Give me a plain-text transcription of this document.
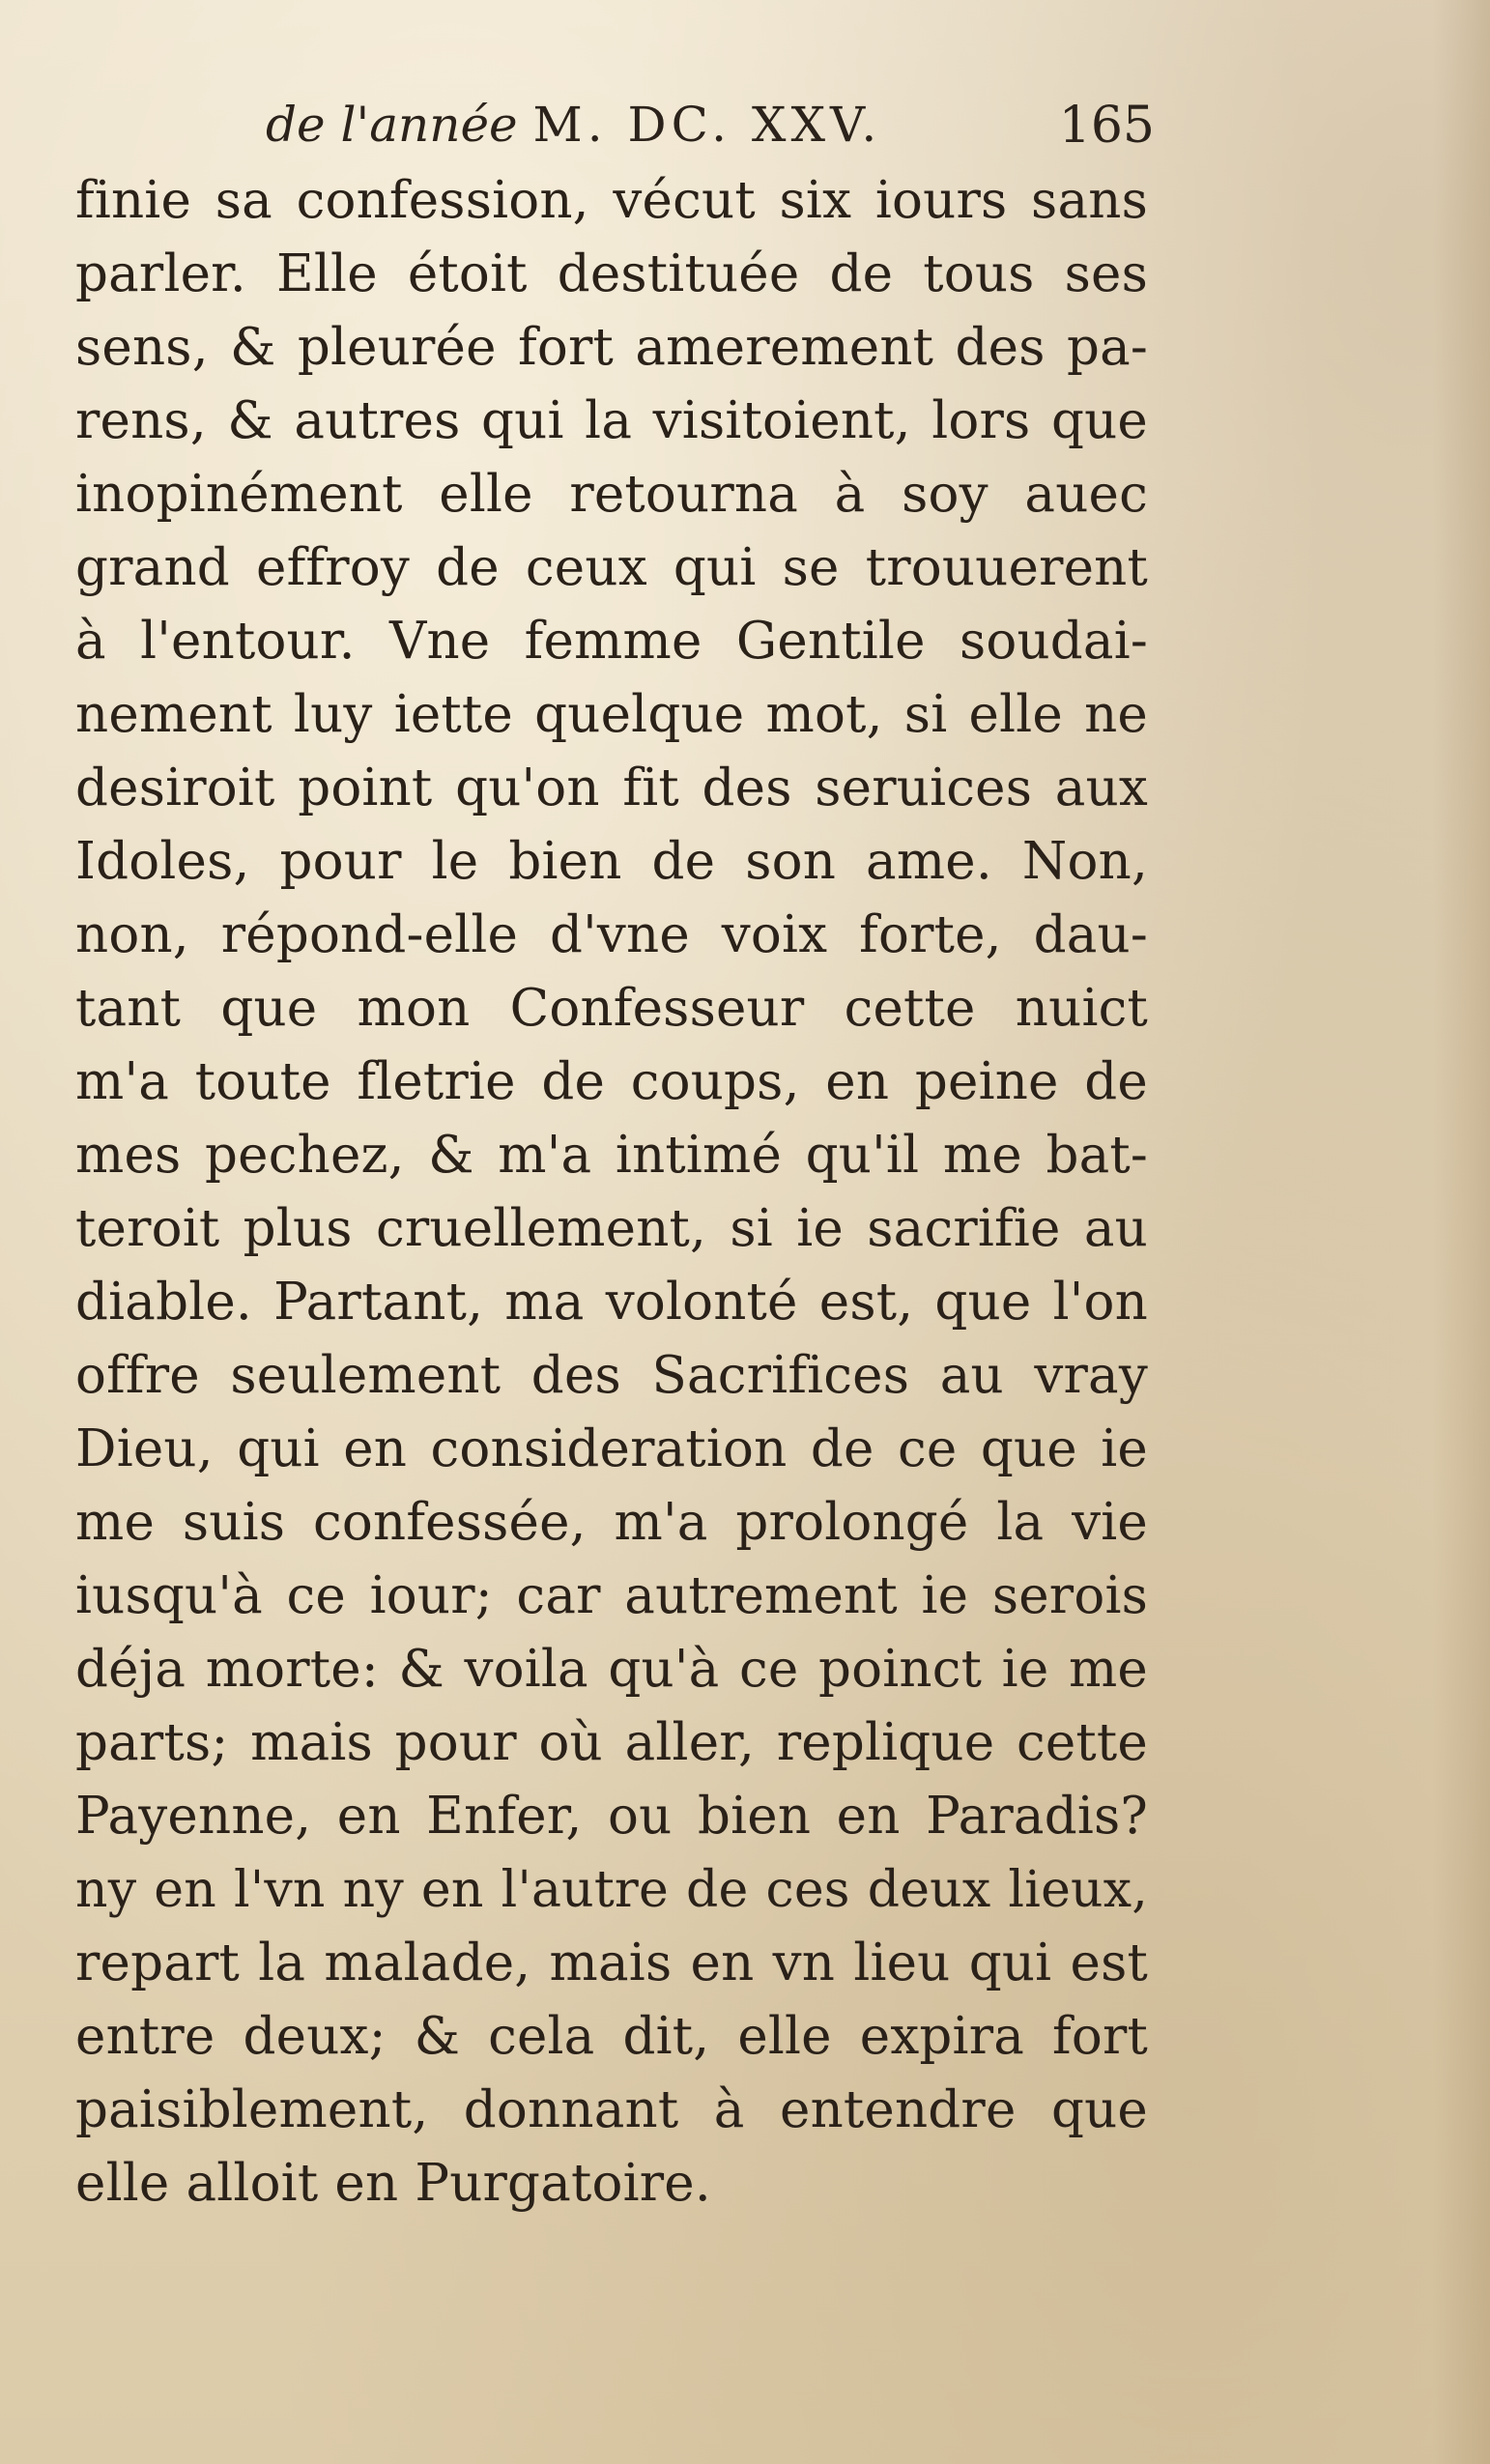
de l'année M. DC. XXV.	165
finie sa confession, vécut six iours sans
parler. Elle étoit destituée de tous ses
sens, & pleurée fort amerement des pa-
rens, & autres qui la visitoient, lors que
inopinément elle retourna à soy auec
grand effroy de ceux qui se trouuerent
à l'entour. Vne femme Gentile soudai-
nement luy iette quelque mot, si elle ne
desiroit point qu'on fit des seruices aux
Idoles, pour le bien de son ame. Non,
non, répond-elle d'vne voix forte, dau-
tant que mon Confesseur cette nuict
m'a toute fletrie de coups, en peine de
mes pechez, & m'a intimé qu'il me bat-
teroit plus cruellement, si ie sacrifie au
diable. Partant, ma volonté est, que l'on
offre seulement des Sacrifices au vray
Dieu, qui en consideration de ce que ie
me suis confessée, m'a prolongé la vie
iusqu'à ce iour; car autrement ie serois
déja morte: & voila qu'à ce poinct ie me
parts; mais pour où aller, replique cette
Payenne, en Enfer, ou bien en Paradis?
ny en l'vn ny en l'autre de ces deux lieux,
repart la malade, mais en vn lieu qui est
entre deux; & cela dit, elle expira fort
paisiblement, donnant à entendre que
elle alloit en Purgatoire.
